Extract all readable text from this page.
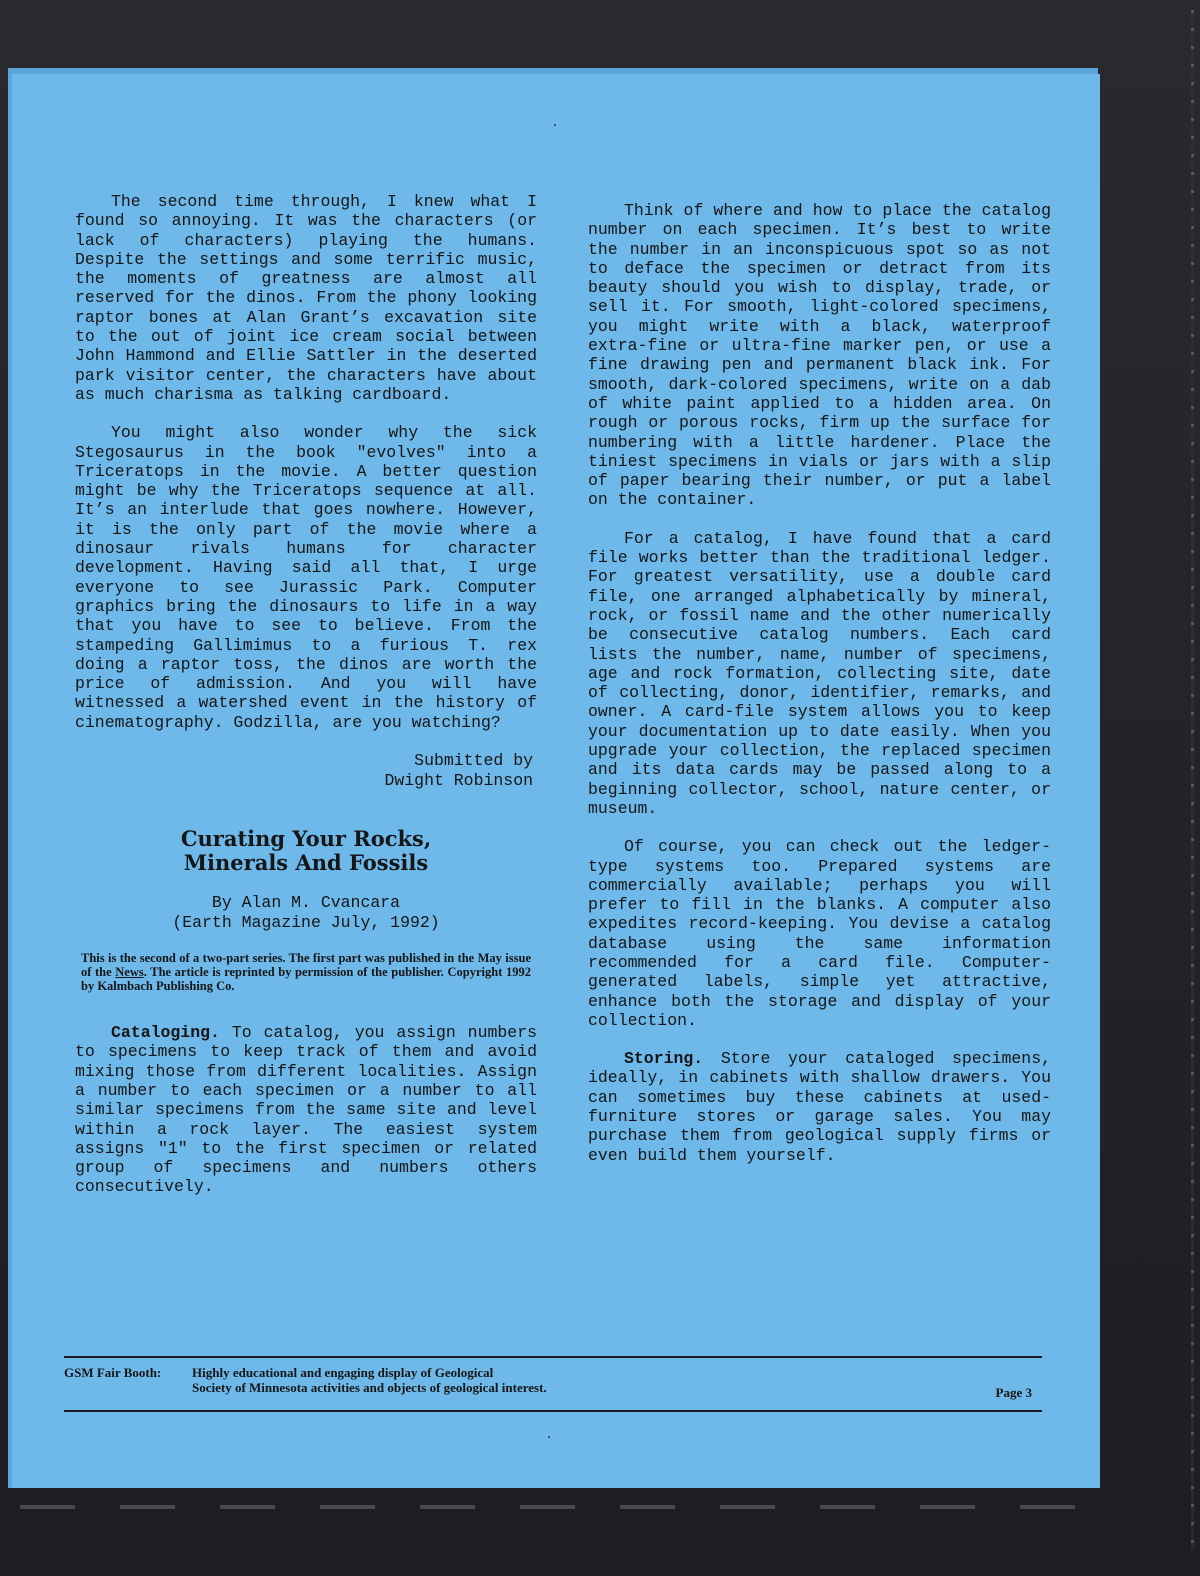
The second time through, I knew what I found so annoying. It was the characters (or lack of characters) playing the humans. Despite the settings and some terrific music, the moments of greatness are almost all reserved for the dinos. From the phony looking raptor bones at Alan Grant’s excavation site to the out of joint ice cream social between John Hammond and Ellie Sattler in the deserted park visitor center, the characters have about as much charisma as talking cardboard.

You might also wonder why the sick Stegosaurus in the book "evolves" into a Triceratops in the movie. A better question might be why the Triceratops sequence at all. It’s an interlude that goes nowhere. However, it is the only part of the movie where a dinosaur rivals humans for character development. Having said all that, I urge everyone to see Jurassic Park. Computer graphics bring the dinosaurs to life in a way that you have to see to believe. From the stampeding Gallimimus to a furious T. rex doing a raptor toss, the dinos are worth the price of admission. And you will have witnessed a watershed event in the history of cinematography. Godzilla, are you watching?

Submitted by
Dwight Robinson
Curating Your Rocks,
Minerals And Fossils
By Alan M. Cvancara
(Earth Magazine July, 1992)

This is the second of a two-part series. The first part was published in the May issue of the News. The article is reprinted by permission of the publisher. Copyright 1992 by Kalmbach Publishing Co.

Cataloging. To catalog, you assign numbers to specimens to keep track of them and avoid mixing those from different localities. Assign a number to each specimen or a number to all similar specimens from the same site and level within a rock layer. The easiest system assigns "1" to the first specimen or related group of specimens and numbers others consecutively.

Think of where and how to place the catalog number on each specimen. It’s best to write the number in an inconspicuous spot so as not to deface the specimen or detract from its beauty should you wish to display, trade, or sell it. For smooth, light-colored specimens, you might write with a black, waterproof extra-fine or ultra-fine marker pen, or use a fine drawing pen and permanent black ink. For smooth, dark-colored specimens, write on a dab of white paint applied to a hidden area. On rough or porous rocks, firm up the surface for numbering with a little hardener. Place the tiniest specimens in vials or jars with a slip of paper bearing their number, or put a label on the container.

For a catalog, I have found that a card file works better than the traditional ledger. For greatest versatility, use a double card file, one arranged alphabetically by mineral, rock, or fossil name and the other numerically be consecutive catalog numbers. Each card lists the number, name, number of specimens, age and rock formation, collecting site, date of collecting, donor, identifier, remarks, and owner. A card-file system allows you to keep your documentation up to date easily. When you upgrade your collection, the replaced specimen and its data cards may be passed along to a beginning collector, school, nature center, or museum.

Of course, you can check out the ledger-type systems too. Prepared systems are commercially available; perhaps you will prefer to fill in the blanks. A computer also expedites record-keeping. You devise a catalog database using the same information recommended for a card file. Computer-generated labels, simple yet attractive, enhance both the storage and display of your collection.

Storing. Store your cataloged specimens, ideally, in cabinets with shallow drawers. You can sometimes buy these cabinets at used-furniture stores or garage sales. You may purchase them from geological supply firms or even build them yourself.

GSM Fair Booth: Highly educational and engaging display of Geological
Society of Minnesota activities and objects of geological interest.	Page 3
